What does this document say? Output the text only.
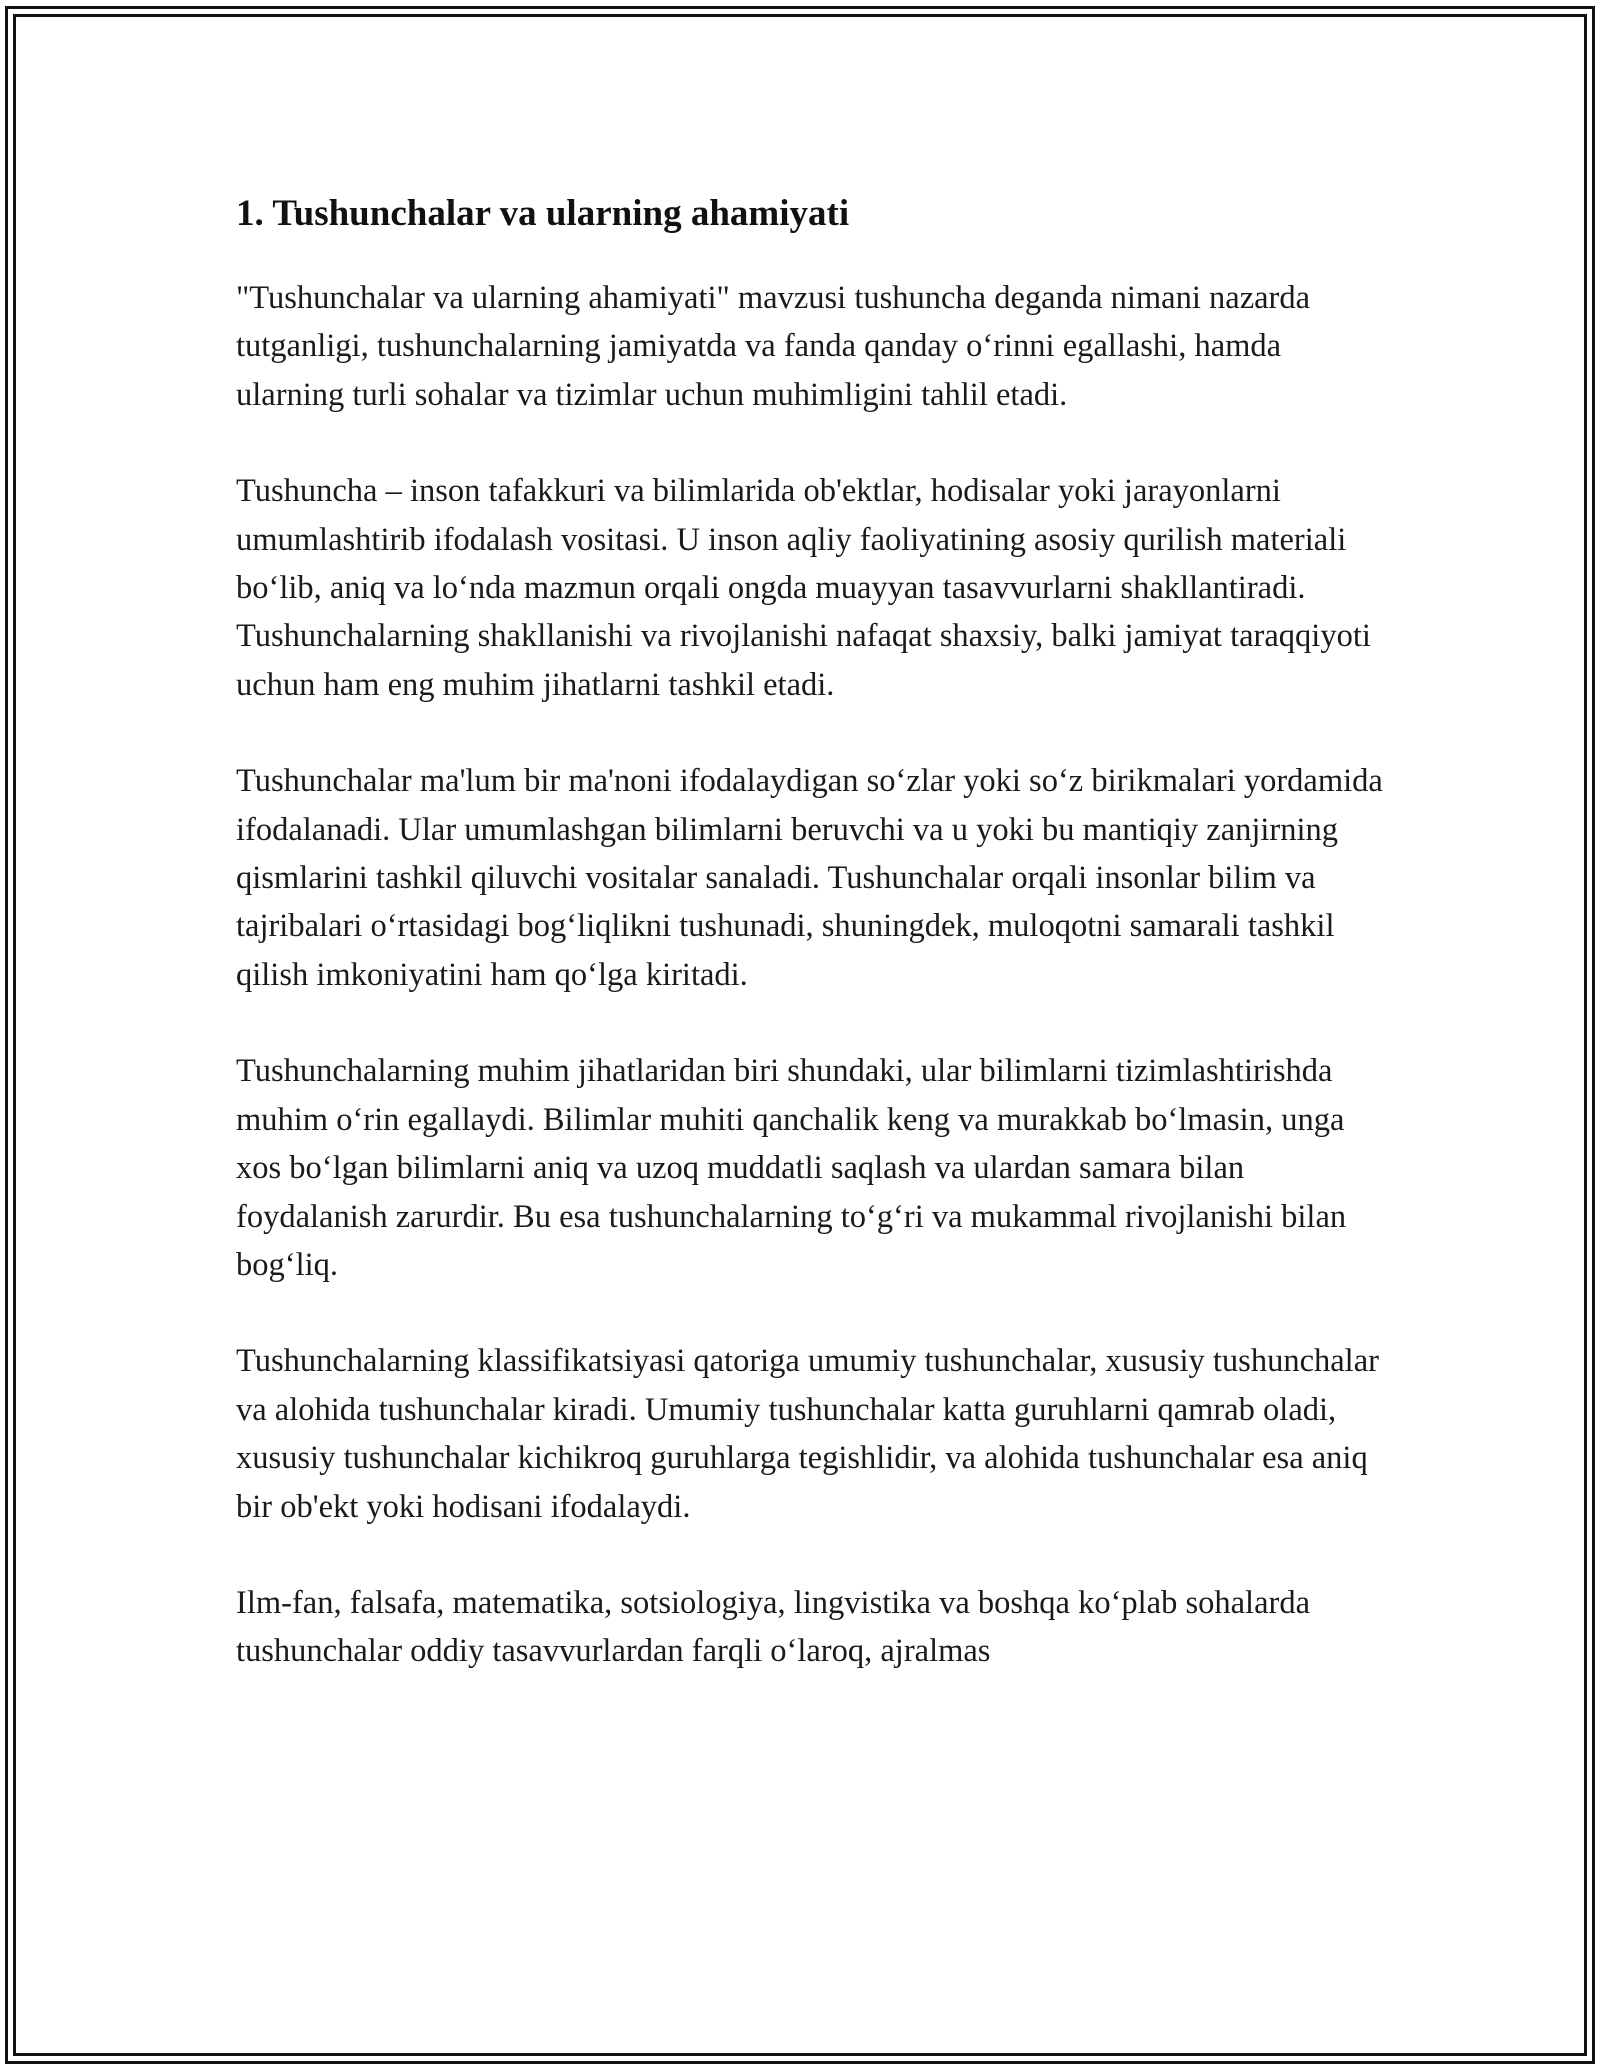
1. Tushunchalar va ularning ahamiyati

"Tushunchalar va ularning ahamiyati" mavzusi tushuncha deganda nimani nazarda tutganligi, tushunchalarning jamiyatda va fanda qanday o‘rinni egallashi, hamda ularning turli sohalar va tizimlar uchun muhimligini tahlil etadi.

Tushuncha – inson tafakkuri va bilimlarida ob'ektlar, hodisalar yoki jarayonlarni umumlashtirib ifodalash vositasi. U inson aqliy faoliyatining asosiy qurilish materiali bo‘lib, aniq va lo‘nda mazmun orqali ongda muayyan tasavvurlarni shakllantiradi. Tushunchalarning shakllanishi va rivojlanishi nafaqat shaxsiy, balki jamiyat taraqqiyoti uchun ham eng muhim jihatlarni tashkil etadi.

Tushunchalar ma'lum bir ma'noni ifodalaydigan so‘zlar yoki so‘z birikmalari yordamida ifodalanadi. Ular umumlashgan bilimlarni beruvchi va u yoki bu mantiqiy zanjirning qismlarini tashkil qiluvchi vositalar sanaladi. Tushunchalar orqali insonlar bilim va tajribalari o‘rtasidagi bog‘liqlikni tushunadi, shuningdek, muloqotni samarali tashkil qilish imkoniyatini ham qo‘lga kiritadi.

Tushunchalarning muhim jihatlaridan biri shundaki, ular bilimlarni tizimlashtirishda muhim o‘rin egallaydi. Bilimlar muhiti qanchalik keng va murakkab bo‘lmasin, unga xos bo‘lgan bilimlarni aniq va uzoq muddatli saqlash va ulardan samara bilan foydalanish zarurdir. Bu esa tushunchalarning to‘g‘ri va mukammal rivojlanishi bilan bog‘liq.

Tushunchalarning klassifikatsiyasi qatoriga umumiy tushunchalar, xususiy tushunchalar va alohida tushunchalar kiradi. Umumiy tushunchalar katta guruhlarni qamrab oladi, xususiy tushunchalar kichikroq guruhlarga tegishlidir, va alohida tushunchalar esa aniq bir ob'ekt yoki hodisani ifodalaydi.

Ilm-fan, falsafa, matematika, sotsiologiya, lingvistika va boshqa ko‘plab sohalarda tushunchalar oddiy tasavvurlardan farqli o‘laroq, ajralmas
